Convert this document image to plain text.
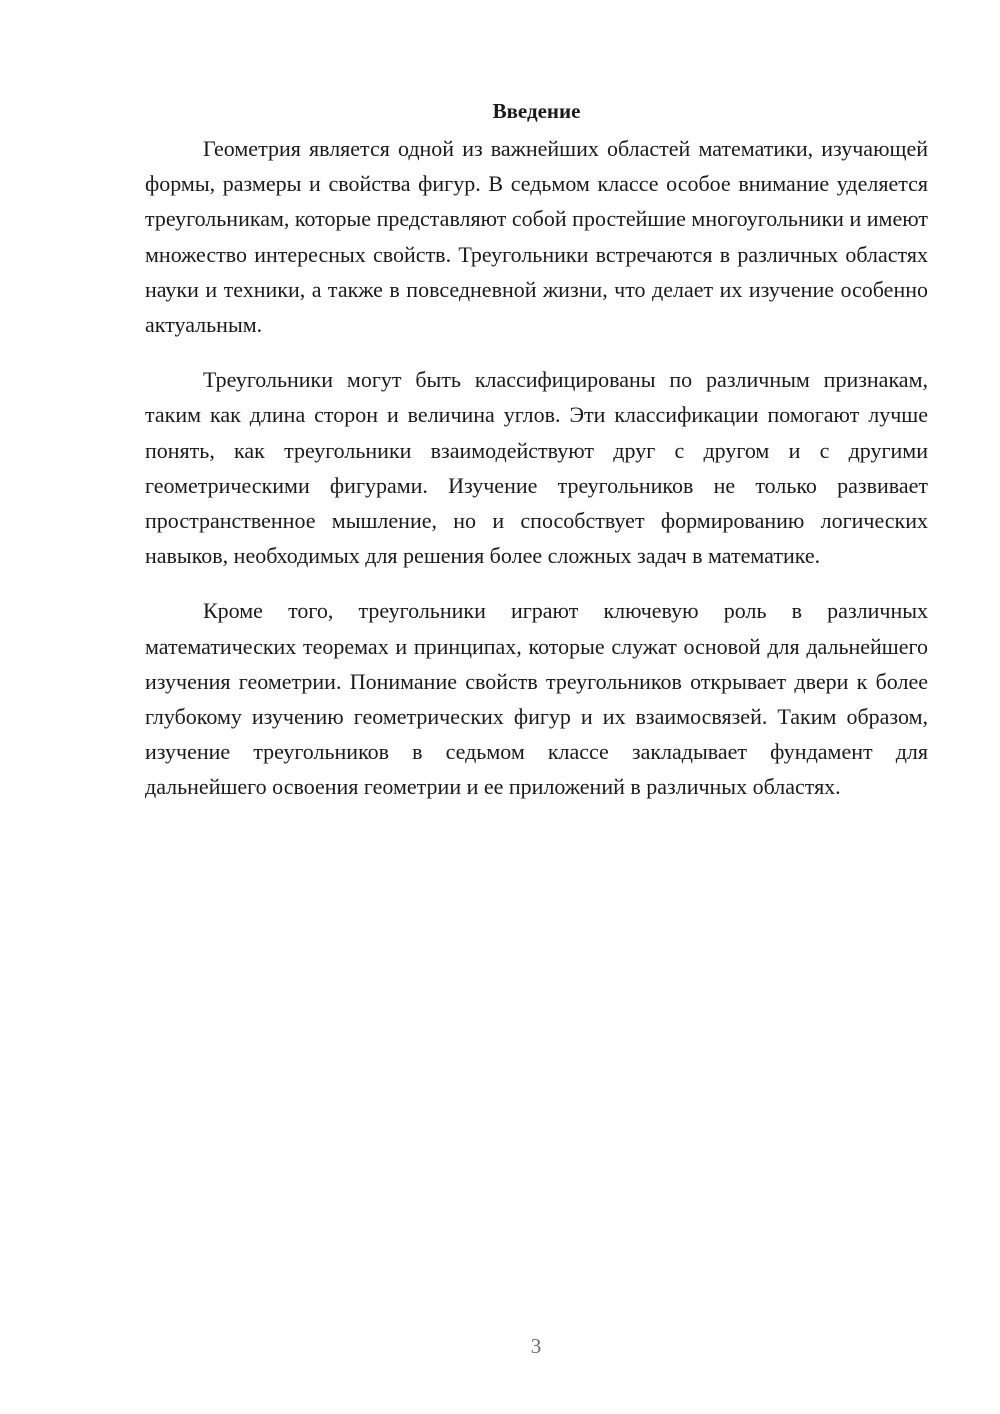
Введение

Геометрия является одной из важнейших областей математики, изучающей формы, размеры и свойства фигур. В седьмом классе особое внимание уделяется треугольникам, которые представляют собой простейшие многоугольники и имеют множество интересных свойств. Треугольники встречаются в различных областях науки и техники, а также в повседневной жизни, что делает их изучение особенно актуальным.

Треугольники могут быть классифицированы по различным признакам, таким как длина сторон и величина углов. Эти классификации помогают лучше понять, как треугольники взаимодействуют друг с другом и с другими геометрическими фигурами. Изучение треугольников не только развивает пространственное мышление, но и способствует формированию логических навыков, необходимых для решения более сложных задач в математике.

Кроме того, треугольники играют ключевую роль в различных математических теоремах и принципах, которые служат основой для дальнейшего изучения геометрии. Понимание свойств треугольников открывает двери к более глубокому изучению геометрических фигур и их взаимосвязей. Таким образом, изучение треугольников в седьмом классе закладывает фундамент для дальнейшего освоения геометрии и ее приложений в различных областях.

3
